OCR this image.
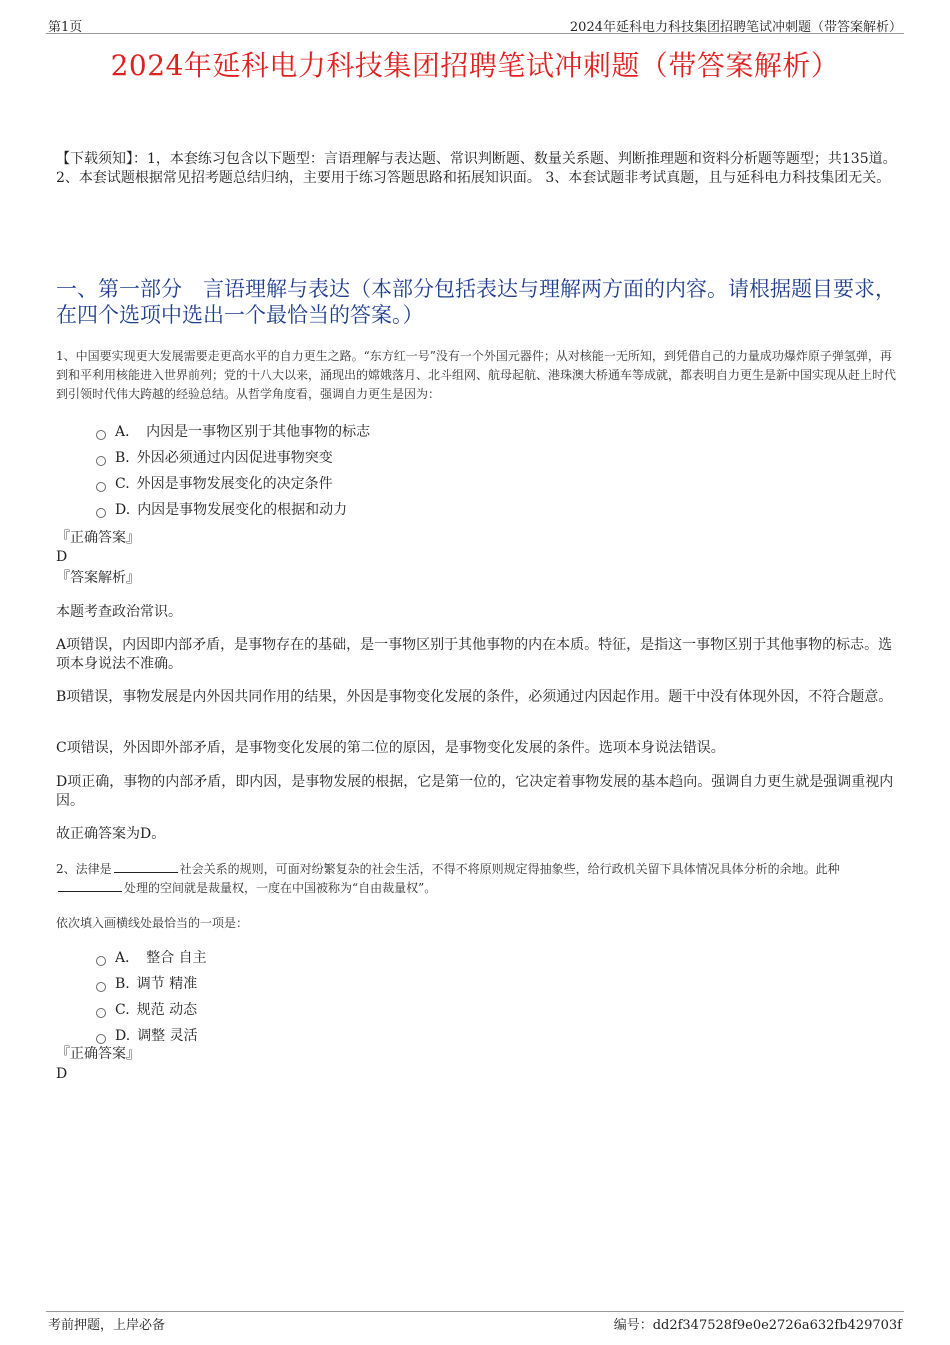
第1页	2024年延科电力科技集团招聘笔试冲刺题（带答案解析）
2024年延科电力科技集团招聘笔试冲刺题（带答案解析）
【下载须知】：1，本套练习包含以下题型：言语理解与表达题、常识判断题、数量关系题、判断推理题和资料分析题等题型；共135道。 2、本套试题根据常见招考题总结归纳，主要用于练习答题思路和拓展知识面。 3、本套试题非考试真题，且与延科电力科技集团无关。
一、第一部分　言语理解与表达（本部分包括表达与理解两方面的内容。请根据题目要求，在四个选项中选出一个最恰当的答案。）
1、中国要实现更大发展需要走更高水平的自力更生之路。“东方红一号”没有一个外国元器件；从对核能一无所知，到凭借自己的力量成功爆炸原子弹氢弹，再到和平利用核能进入世界前列；党的十八大以来，涌现出的嫦娥落月、北斗组网、航母起航、港珠澳大桥通车等成就，都表明自力更生是新中国实现从赶上时代到引领时代伟大跨越的经验总结。从哲学角度看，强调自力更生是因为：
A． 内因是一事物区别于其他事物的标志
B. 外因必须通过内因促进事物突变
C. 外因是事物发展变化的决定条件
D. 内因是事物发展变化的根据和动力
『正确答案』
D
『答案解析』
本题考查政治常识。
A项错误，内因即内部矛盾，是事物存在的基础，是一事物区别于其他事物的内在本质。特征，是指这一事物区别于其他事物的标志。选项本身说法不准确。
B项错误，事物发展是内外因共同作用的结果，外因是事物变化发展的条件，必须通过内因起作用。题干中没有体现外因，不符合题意。
C项错误，外因即外部矛盾，是事物变化发展的第二位的原因，是事物变化发展的条件。选项本身说法错误。
D项正确，事物的内部矛盾，即内因，是事物发展的根据，它是第一位的，它决定着事物发展的基本趋向。强调自力更生就是强调重视内因。
故正确答案为D。
2、法律是	社会关系的规则，可面对纷繁复杂的社会生活，不得不将原则规定得抽象些，给行政机关留下具体情况具体分析的余地。此种处理的空间就是裁量权，一度在中国被称为“自由裁量权”。
依次填入画横线处最恰当的一项是：
A． 整合 自主
B. 调节 精准
C. 规范 动态
D. 调整 灵活
『正确答案』
D
考前押题，上岸必备	编号：dd2f347528f9e0e2726a632fb429703f
